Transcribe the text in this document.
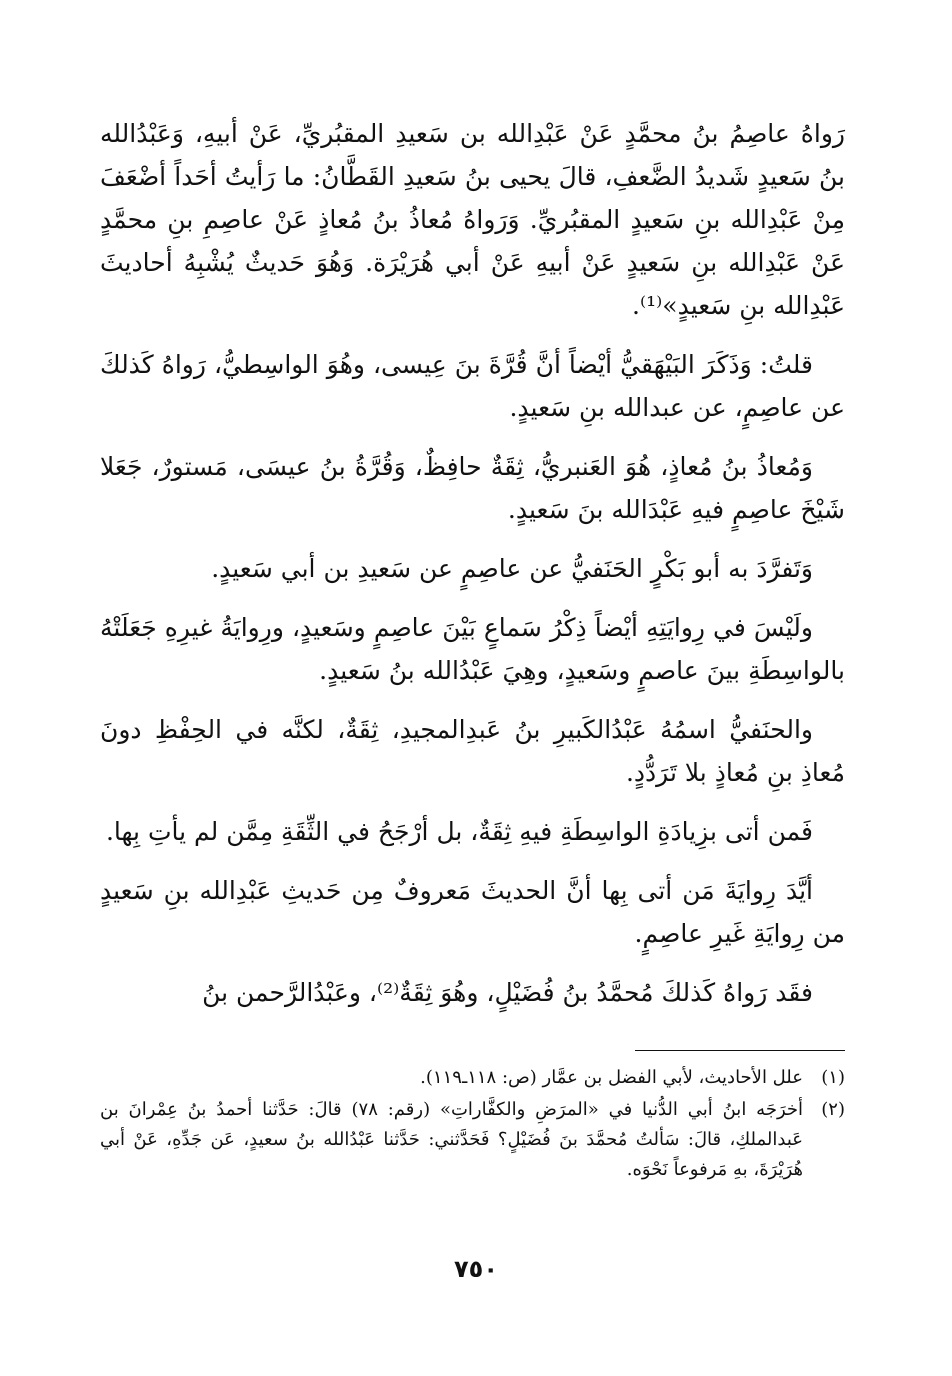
رَواهُ عاصِمُ بنُ محمَّدٍ عَنْ عَبْدِالله بن سَعيدِ المقبُريِّ، عَنْ أبيهِ، وَعَبْدُالله بنُ سَعيدٍ شَديدُ الضَّعفِ، قالَ يحيى بنُ سَعيدِ القَطَّانُ: ما رَأيتُ أحَداً أضْعَفَ مِنْ عَبْدِالله بنِ سَعيدٍ المقبُريِّ. وَرَواهُ مُعاذُ بنُ مُعاذٍ عَنْ عاصِمِ بنِ محمَّدٍ عَنْ عَبْدِالله بنِ سَعيدٍ عَنْ أبيهِ عَنْ أبي هُرَيْرَة. وَهُوَ حَديثٌ يُشْبِهُ أحاديثَ عَبْدِالله بنِ سَعيدٍ»⁽¹⁾.

قلتُ: وَذَكَرَ البَيْهَقيُّ أيْضاً أنَّ قُرَّةَ بنَ عِيسى، وهُوَ الواسِطيُّ، رَواهُ كَذلكَ عن عاصِمٍ، عن عبدالله بنِ سَعيدٍ.

وَمُعاذُ بنُ مُعاذٍ، هُوَ العَنبريُّ، ثِقَةٌ حافِظٌ، وَقُرَّةُ بنُ عيسَى، مَستورٌ، جَعَلا شَيْخَ عاصِمٍ فيهِ عَبْدَالله بنَ سَعيدٍ.

وَتَفرَّدَ به أبو بَكْرٍ الحَنَفيُّ عن عاصِمٍ عن سَعيدِ بن أبي سَعيدٍ.

ولَيْسَ في رِوايَتِهِ أيْضاً ذِكْرُ سَماعٍ بَيْنَ عاصِمٍ وسَعيدٍ، ورِوايَةُ غيرِهِ جَعَلَتْهُ بالواسِطَةِ بينَ عاصمٍ وسَعيدٍ، وهِيَ عَبْدُالله بنُ سَعيدٍ.

والحنَفيُّ اسمُهُ عَبْدُالكَبيرِ بنُ عَبدِالمجيدِ، ثِقَةٌ، لكنَّه في الحِفْظِ دونَ مُعاذِ بنِ مُعاذٍ بلا تَرَدُّدٍ.

فَمن أتى بزِيادَةِ الواسِطَةِ فيهِ ثِقَةٌ، بل أرْجَحُ في الثِّقَةِ مِمَّن لم يأتِ بِها.

أيَّدَ رِوايَةَ مَن أتى بِها أنَّ الحديثَ مَعروفٌ مِن حَديثِ عَبْدِالله بنِ سَعيدٍ من رِوايَةِ غَيرِ عاصِمٍ.

فقَد رَواهُ كَذلكَ مُحمَّدُ بنُ فُضَيْلٍ، وهُوَ ثِقَةٌ⁽²⁾، وعَبْدُالرَّحمن بنُ

(١)
علل الأحاديث، لأبي الفضل بن عمَّار (ص: ١١٨ـ١١٩).
(٢)
أخرَجَه ابنُ أبي الدُّنيا في «المرَضِ والكفَّاراتِ» (رقم: ٧٨) قالَ: حَدَّثنا أحمدُ بنُ عِمْرانَ بن عَبدالملكِ، قالَ: سَألتُ مُحمَّدَ بنَ فُضَيْلٍ؟ فَحَدَّثني: حَدَّثنا عَبْدُالله بنُ سعيدٍ، عَن جَدِّهِ، عَنْ أبي هُرَيْرَةَ، بهِ مَرفوعاً نَحْوَه.
٧٥٠
